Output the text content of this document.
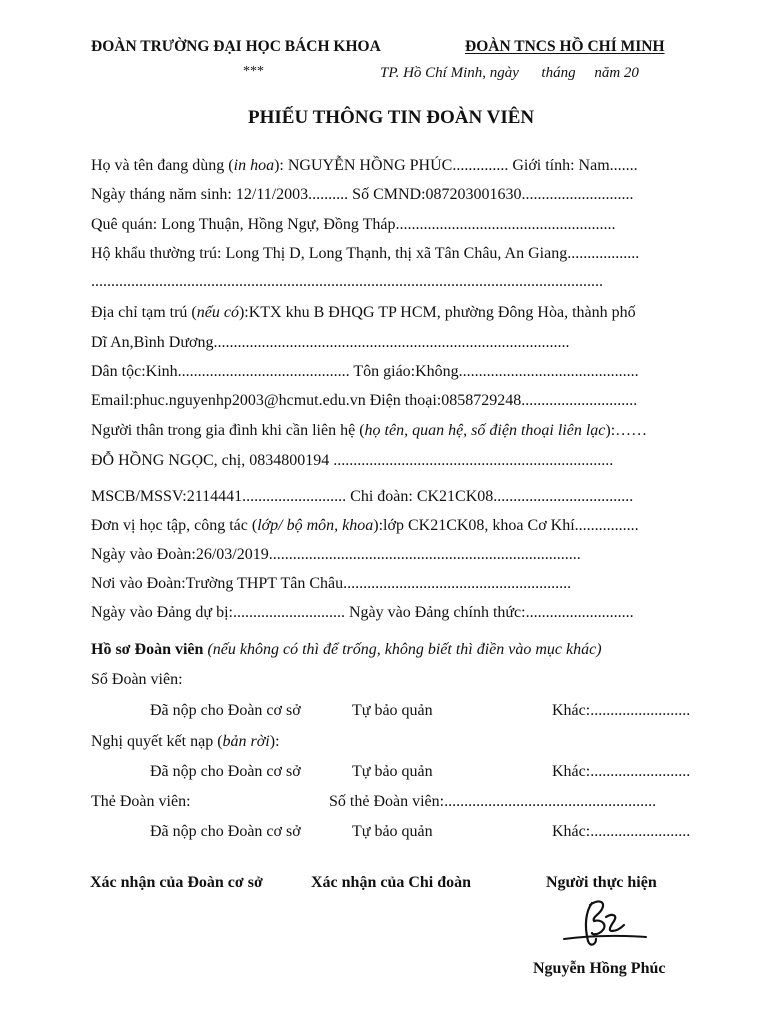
ĐOÀN TRƯỜNG ĐẠI HỌC BÁCH KHOA	ĐOÀN TNCS HỒ CHÍ MINH
***	TP. Hồ Chí Minh, ngày      tháng     năm 20
PHIẾU THÔNG TIN ĐOÀN VIÊN
Họ và tên đang dùng (in hoa): NGUYỄN HỒNG PHÚC.............. Giới tính: Nam.......
Ngày tháng năm sinh: 12/11/2003.......... Số CMND:087203001630............................
Quê quán: Long Thuận, Hồng Ngự, Đồng Tháp.......................................................
Hộ khẩu thường trú: Long Thị D, Long Thạnh, thị xã Tân Châu, An Giang..................
................................................................................................................................
Địa chỉ tạm trú (nếu có):KTX khu B ĐHQG TP HCM, phường Đông Hòa, thành phố
Dĩ An,Bình Dương.........................................................................................
Dân tộc:Kinh........................................... Tôn giáo:Không.............................................
Email:phuc.nguyenhp2003@hcmut.edu.vn Điện thoại:0858729248.............................
Người thân trong gia đình khi cần liên hệ (họ tên, quan hệ, số điện thoại liên lạc):……
ĐỖ HỒNG NGỌC, chị, 0834800194 ......................................................................
MSCB/MSSV:2114441.......................... Chi đoàn: CK21CK08...................................
Đơn vị học tập, công tác (lớp/ bộ môn, khoa):lớp CK21CK08, khoa Cơ Khí................
Ngày vào Đoàn:26/03/2019..............................................................................
Nơi vào Đoàn:Trường THPT Tân Châu.........................................................
Ngày vào Đảng dự bị:............................ Ngày vào Đảng chính thức:...........................
Hồ sơ Đoàn viên (nếu không có thì để trống, không biết thì điền vào mục khác)
Sổ Đoàn viên:
Đã nộp cho Đoàn cơ sở	Tự bảo quản	Khác:.........................
Nghị quyết kết nạp (bản rời):
Đã nộp cho Đoàn cơ sở	Tự bảo quản	Khác:.........................
Thẻ Đoàn viên:	Số thẻ Đoàn viên:.....................................................
Đã nộp cho Đoàn cơ sở	Tự bảo quản	Khác:.........................
Xác nhận của Đoàn cơ sở	Xác nhận của Chi đoàn	Người thực hiện
Nguyễn Hồng Phúc
